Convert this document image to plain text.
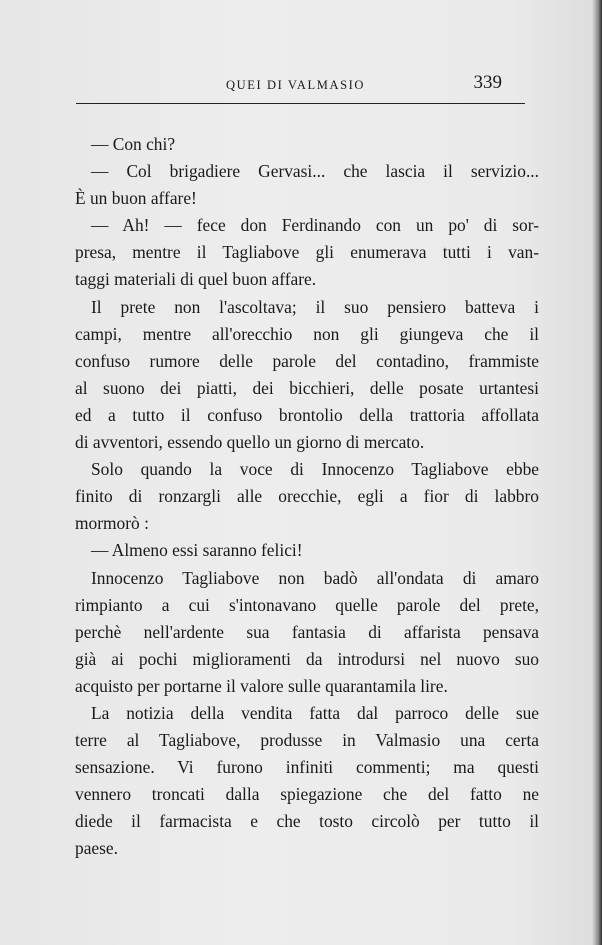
QUEI DI VALMASIO	339
— Con chi?
— Col brigadiere Gervasi... che lascia il servizio...
È un buon affare!
— Ah! — fece don Ferdinando con un po' di sor-
presa, mentre il Tagliabove gli enumerava tutti i van-
taggi materiali di quel buon affare.
Il prete non l'ascoltava; il suo pensiero batteva i
campi, mentre all'orecchio non gli giungeva che il
confuso rumore delle parole del contadino, frammiste
al suono dei piatti, dei bicchieri, delle posate urtantesi
ed a tutto il confuso brontolio della trattoria affollata
di avventori, essendo quello un giorno di mercato.
Solo quando la voce di Innocenzo Tagliabove ebbe
finito di ronzargli alle orecchie, egli a fior di labbro
mormorò :
— Almeno essi saranno felici!
Innocenzo Tagliabove non badò all'ondata di amaro
rimpianto a cui s'intonavano quelle parole del prete,
perchè nell'ardente sua fantasia di affarista pensava
già ai pochi miglioramenti da introdursi nel nuovo suo
acquisto per portarne il valore sulle quarantamila lire.
La notizia della vendita fatta dal parroco delle sue
terre al Tagliabove, produsse in Valmasio una certa
sensazione. Vi furono infiniti commenti; ma questi
vennero troncati dalla spiegazione che del fatto ne
diede il farmacista e che tosto circolò per tutto il
paese.
